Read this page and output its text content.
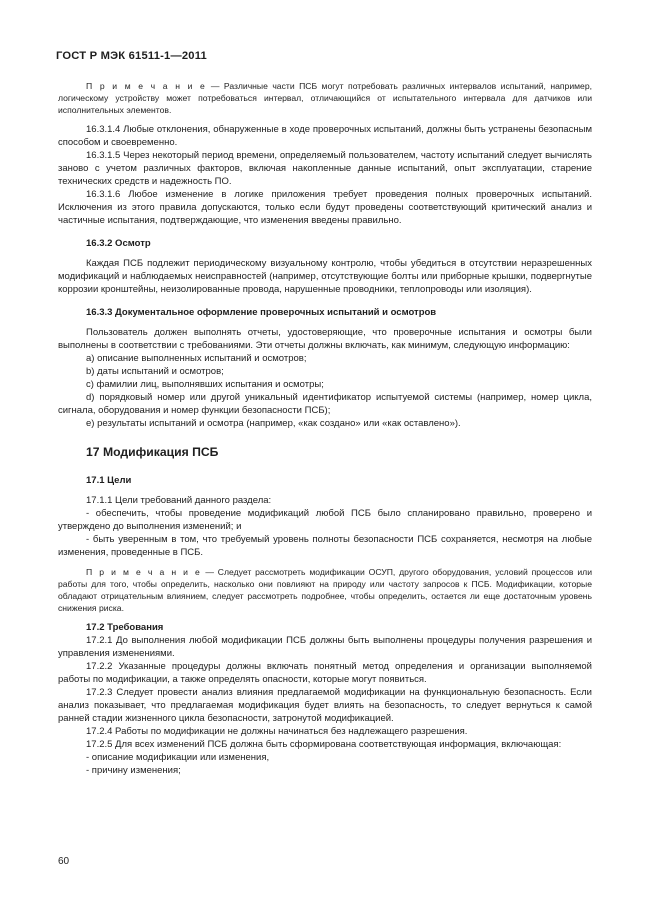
ГОСТ Р МЭК 61511-1—2011

П р и м е ч а н и е — Различные части ПСБ могут потребовать различных интервалов испытаний, например, логическому устройству может потребоваться интервал, отличающийся от испытательного интервала для датчиков или исполнительных элементов.

16.3.1.4 Любые отклонения, обнаруженные в ходе проверочных испытаний, должны быть устранены безопасным способом и своевременно.

16.3.1.5 Через некоторый период времени, определяемый пользователем, частоту испытаний следует вычислять заново с учетом различных факторов, включая накопленные данные испытаний, опыт эксплуатации, старение технических средств и надежность ПО.

16.3.1.6 Любое изменение в логике приложения требует проведения полных проверочных испытаний. Исключения из этого правила допускаются, только если будут проведены соответствующий критический анализ и частичные испытания, подтверждающие, что изменения введены правильно.

16.3.2 Осмотр

Каждая ПСБ подлежит периодическому визуальному контролю, чтобы убедиться в отсутствии неразрешенных модификаций и наблюдаемых неисправностей (например, отсутствующие болты или приборные крышки, подвергнутые коррозии кронштейны, неизолированные провода, нарушенные проводники, теплопроводы или изоляция).

16.3.3 Документальное оформление проверочных испытаний и осмотров

Пользователь должен выполнять отчеты, удостоверяющие, что проверочные испытания и осмотры были выполнены в соответствии с требованиями. Эти отчеты должны включать, как минимум, следующую информацию:

а) описание выполненных испытаний и осмотров;

b) даты испытаний и осмотров;

с) фамилии лиц, выполнявших испытания и осмотры;

d) порядковый номер или другой уникальный идентификатор испытуемой системы (например, номер цикла, сигнала, оборудования и номер функции безопасности ПСБ);

е) результаты испытаний и осмотра (например, «как создано» или «как оставлено»).

17 Модификация ПСБ

17.1 Цели

17.1.1 Цели требований данного раздела:

- обеспечить, чтобы проведение модификаций любой ПСБ было спланировано правильно, проверено и утверждено до выполнения изменений; и

- быть уверенным в том, что требуемый уровень полноты безопасности ПСБ сохраняется, несмотря на любые изменения, проведенные в ПСБ.

П р и м е ч а н и е — Следует рассмотреть модификации ОСУП, другого оборудования, условий процессов или работы для того, чтобы определить, насколько они повлияют на природу или частоту запросов к ПСБ. Модификации, которые обладают отрицательным влиянием, следует рассмотреть подробнее, чтобы определить, остается ли еще достаточным уровень снижения риска.

17.2 Требования

17.2.1 До выполнения любой модификации ПСБ должны быть выполнены процедуры получения разрешения и управления изменениями.

17.2.2 Указанные процедуры должны включать понятный метод определения и организации выполняемой работы по модификации, а также определять опасности, которые могут появиться.

17.2.3 Следует провести анализ влияния предлагаемой модификации на функциональную безопасность. Если анализ показывает, что предлагаемая модификация будет влиять на безопасность, то следует вернуться к самой ранней стадии жизненного цикла безопасности, затронутой модификацией.

17.2.4 Работы по модификации не должны начинаться без надлежащего разрешения.

17.2.5 Для всех изменений ПСБ должна быть сформирована соответствующая информация, включающая:

- описание модификации или изменения,

- причину изменения;

60
